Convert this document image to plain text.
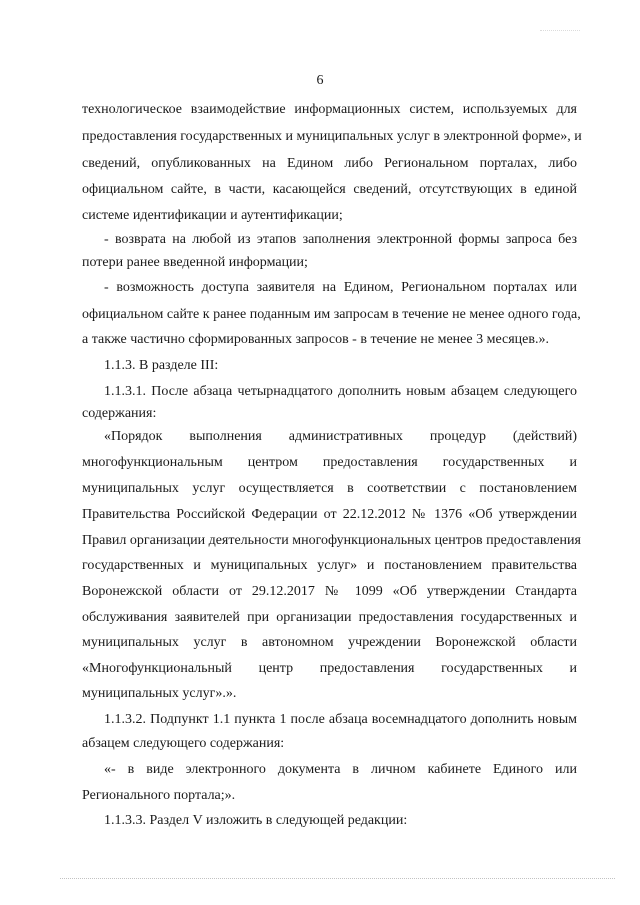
6
технологическое взаимодействие информационных систем, используемых для
предоставления государственных и муниципальных услуг в электронной форме», и
сведений, опубликованных на Едином либо Региональном порталах, либо
официальном сайте, в части, касающейся сведений, отсутствующих в единой
системе идентификации и аутентификации;
- возврата на любой из этапов заполнения электронной формы запроса без
потери ранее введенной информации;
- возможность доступа заявителя на Едином, Региональном порталах или
официальном сайте к ранее поданным им запросам в течение не менее одного года,
а также частично сформированных запросов - в течение не менее 3 месяцев.».
1.1.3. В разделе III:
1.1.3.1. После абзаца четырнадцатого дополнить новым абзацем следующего
содержания:
«Порядок выполнения административных процедур (действий)
многофункциональным центром предоставления государственных и
муниципальных услуг осуществляется в соответствии с постановлением
Правительства Российской Федерации от 22.12.2012 № 1376 «Об утверждении
Правил организации деятельности многофункциональных центров предоставления
государственных и муниципальных услуг» и постановлением правительства
Воронежской области от 29.12.2017 № 1099 «Об утверждении Стандарта
обслуживания заявителей при организации предоставления государственных и
муниципальных услуг в автономном учреждении Воронежской области
«Многофункциональный центр предоставления государственных и
муниципальных услуг».».
1.1.3.2. Подпункт 1.1 пункта 1 после абзаца восемнадцатого дополнить новым
абзацем следующего содержания:
«- в виде электронного документа в личном кабинете Единого или
Регионального портала;».
1.1.3.3. Раздел V изложить в следующей редакции:
